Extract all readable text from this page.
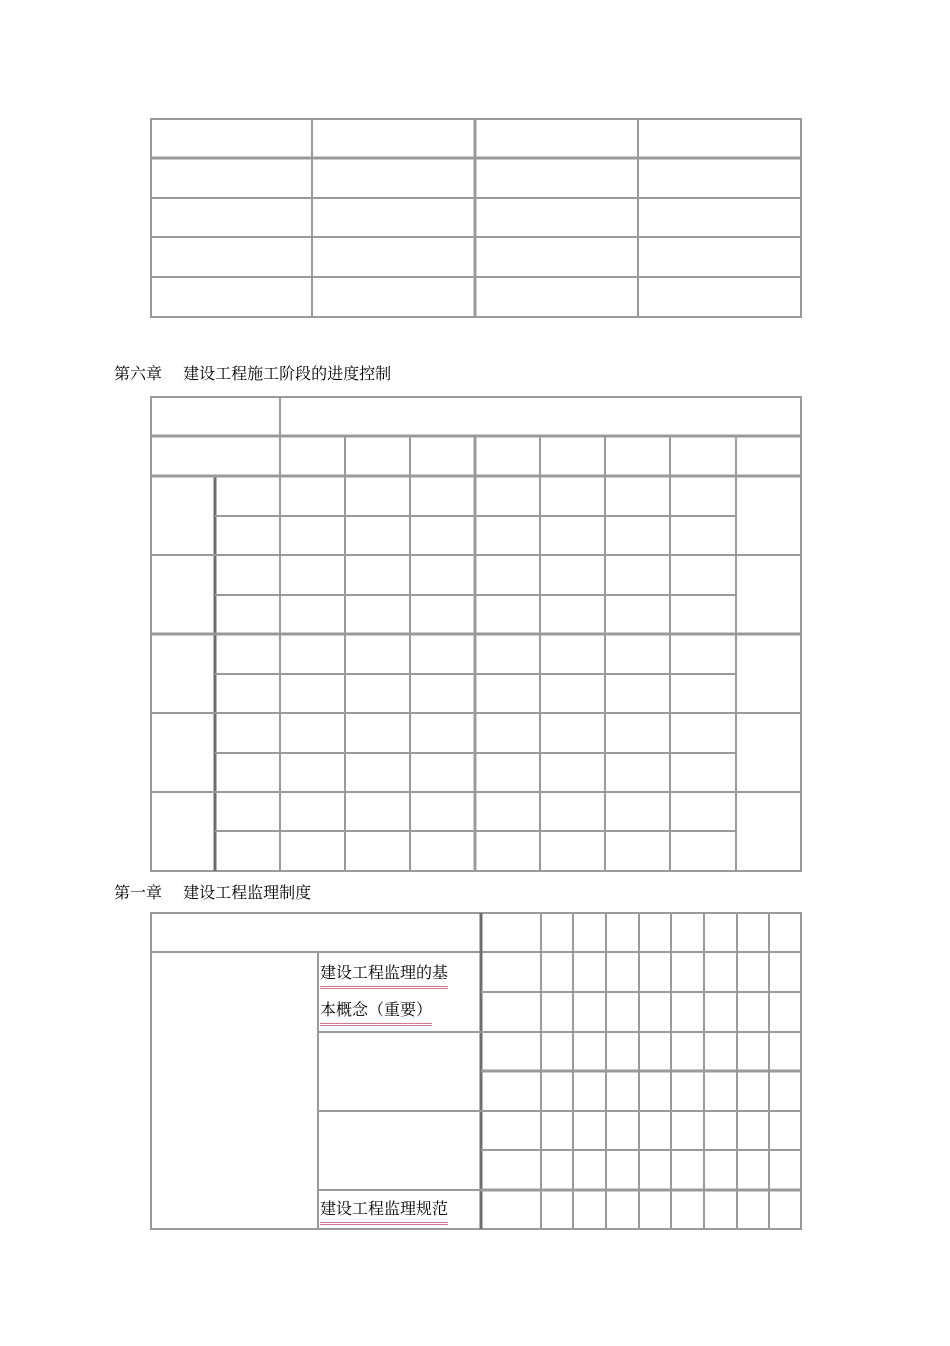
第六章　 建设工程施工阶段的进度控制
第一章　 建设工程监理制度
建设工程监理的基
本概念（重要）
建设工程监理规范
